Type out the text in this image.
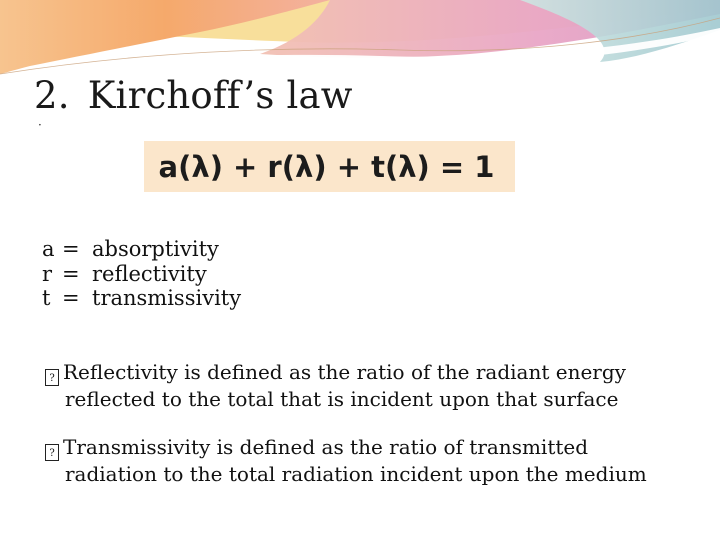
2. Kirchoff’s law
·
a(λ) + r(λ) + t(λ) = 1
a = absorptivity
r = reflectivity
t = transmissivity
? Reflectivity is defined as the ratio of the radiant energy
reflected to the total that is incident upon that surface
? Transmissivity is defined as the ratio of transmitted
radiation to the total radiation incident upon the medium
